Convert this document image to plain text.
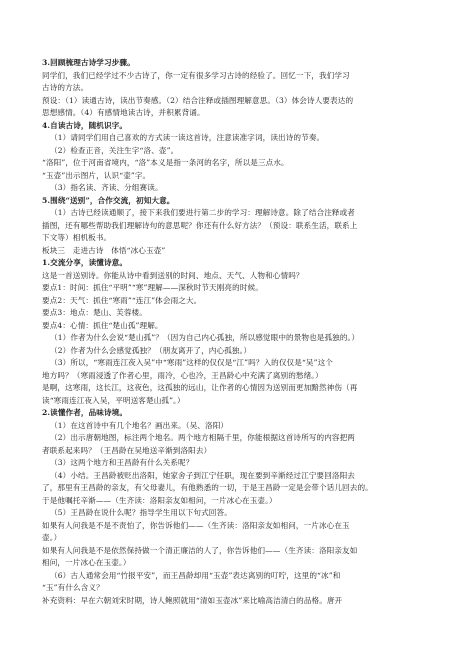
3.回顾梳理古诗学习步骤。
同学们，我们已经学过不少古诗了，你一定有很多学习古诗的经验了。回忆一下，我们学习
古诗的方法。
预设：（1）读通古诗，读出节奏感。（2）结合注释或插图理解意思。（3）体会诗人要表达的
思想感情。（4）有感情地读古诗，并积累背诵。
4.自读古诗，随机识字。
（1）请同学们用自己喜欢的方式读一读这首诗，注意读准字词，读出诗的节奏。
（2）检查正音，关注生字“洛、壶”。
“洛阳”，位于河南省境内，“洛”本义是指一条河的名字，所以是三点水。
“玉壶”出示图片，认识“壶”字。
（3）指名读、齐读、分组赛读。
5.围绕“送别”，合作交流，初知大意。
（1）古诗已经读通顺了，接下来我们要进行第二步的学习：理解诗意。除了结合注释或者
插图，还有哪些帮助我们理解诗句的意思呢？你还有什么好方法？（预设：联系生活，联系上
下文等）相机板书。
板块三　走进古诗　体悟“冰心玉壶”
1.交流分享，读懂诗意。
这是一首送别诗。你能从诗中看到送别的时间、地点、天气、人物和心情吗？
要点1：时间：抓住“平明”“寒”理解——深秋时节天刚亮的时候。
要点2：天气：抓住“寒雨”“连江”体会雨之大。
要点3：地点：楚山、芙蓉楼。
要点4：心情：抓住“楚山孤”理解。
（1）作者为什么会说“楚山孤”？（因为自己内心孤独，所以感觉眼中的景物也是孤独的。）
（2）作者为什么会感觉孤独？（朋友离开了，内心孤独。）
（3）所以，“寒雨连江夜入吴”中“寒雨”这样的仅仅是“江”吗？入的仅仅是“吴”这个
地方吗？（寒雨浸透了作者心里，雨冷，心也冷，王昌龄心中充满了离别的愁绪。）
是啊，这寒雨，这长江，这夜色，这孤独的远山，让作者的心情因为送别而更加黯然神伤（再
读“寒雨连江夜入吴，平明送客楚山孤”。）
2.读懂作者，品味诗境。
（1）在这首诗中有几个地名？画出来。（吴、洛阳）
（2）出示唐朝地图，标注两个地名。两个地方相隔千里，你能根据这首诗所写的内容把两
者联系起来吗？（王昌龄在吴地送辛渐到洛阳去）
（3）这两个地方和王昌龄有什么关系呢？
（4）小结。王昌龄被贬出洛阳，她家舍子到江宁任职，现在要到辛渐经过江宁要回洛阳去
了，那里有王昌龄的亲友，有父母妻儿，有他熟悉的一切，于是王昌龄一定是会带个话儿回去的。
于是他嘱托辛渐——（生齐读：洛阳亲友如相问，一片冰心在玉壶。）
（5）王昌龄在说什么呢？指导学生用以下句式回答。
如果有人问我是不是不责怕了，你告诉他们——（生齐读：洛阳亲友如相问，一片冰心在玉
壶。）
如果有人问我是不是依然保持做一个清正廉洁的人了，你告诉他们——（生齐读：洛阳亲友如
相问，一片冰心在玉壶。）
（6）古人通常会用“竹报平安”，而王昌龄却用“玉壶”表达离别的叮咛，这里的“冰”和
“玉”有什么含义？
补充资料：早在六朝刘宋时期，诗人鲍照就用“清如玉壶冰”来比喻高洁清白的品格。唐开
